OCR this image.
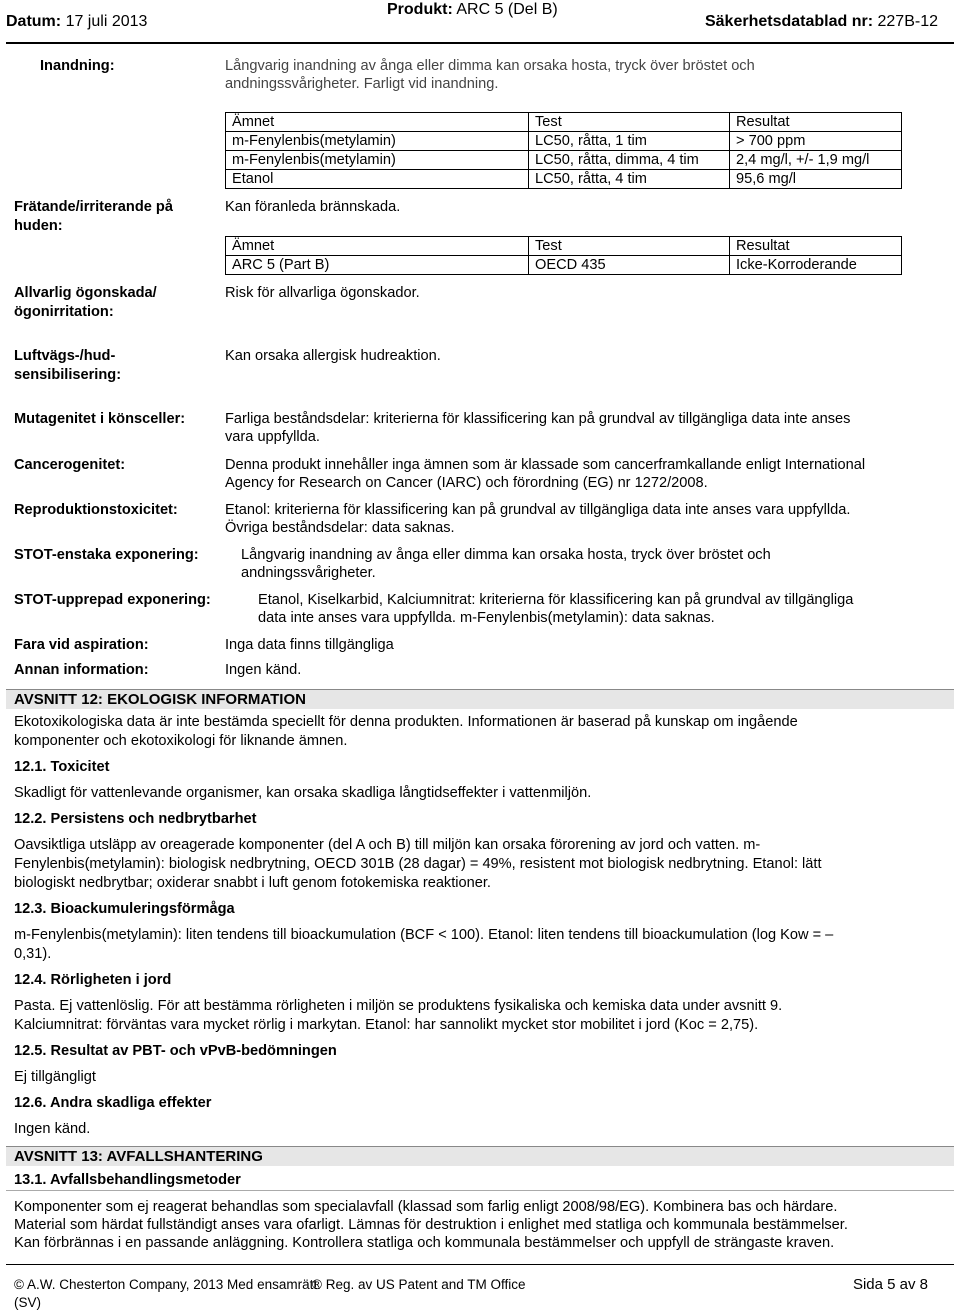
Datum: 17 juli 2013
Produkt: ARC 5 (Del B)
Säkerhetsdatablad nr: 227B-12
Inandning:	Långvarig inandning av ånga eller dimma kan orsaka hosta, tryck över bröstet och
andningssvårigheter. Farligt vid inandning.
Ämnet	Test	Resultat
m-Fenylenbis(metylamin)	LC50, råtta, 1 tim	> 700 ppm
m-Fenylenbis(metylamin)	LC50, råtta, dimma, 4 tim	2,4 mg/l, +/- 1,9 mg/l
Etanol	LC50, råtta, 4 tim	95,6 mg/l
Frätande/irriterande på
huden:
Kan föranleda brännskada.
Ämnet	Test	Resultat
ARC 5 (Part B)	OECD 435	Icke-Korroderande
Allvarlig ögonskada/
ögonirritation:
Risk för allvarliga ögonskador.
Luftvägs-/hud-
sensibilisering:
Kan orsaka allergisk hudreaktion.
Mutagenitet i könsceller:	Farliga beståndsdelar: kriterierna för klassificering kan på grundval av tillgängliga data inte anses
vara uppfyllda.
Cancerogenitet:	Denna produkt innehåller inga ämnen som är klassade som cancerframkallande enligt International
Agency for Research on Cancer (IARC) och förordning (EG) nr 1272/2008.
Reproduktionstoxicitet:	Etanol: kriterierna för klassificering kan på grundval av tillgängliga data inte anses vara uppfyllda.
Övriga beståndsdelar: data saknas.
STOT-enstaka exponering:	Långvarig inandning av ånga eller dimma kan orsaka hosta, tryck över bröstet och
andningssvårigheter.
STOT-upprepad exponering:	Etanol, Kiselkarbid, Kalciumnitrat: kriterierna för klassificering kan på grundval av tillgängliga
data inte anses vara uppfyllda. m-Fenylenbis(metylamin): data saknas.
Fara vid aspiration:	Inga data finns tillgängliga
Annan information:	Ingen känd.
AVSNITT 12: EKOLOGISK INFORMATION
Ekotoxikologiska data är inte bestämda speciellt för denna produkten. Informationen är baserad på kunskap om ingående
komponenter och ekotoxikologi för liknande ämnen.
12.1. Toxicitet
Skadligt för vattenlevande organismer, kan orsaka skadliga långtidseffekter i vattenmiljön.
12.2. Persistens och nedbrytbarhet
Oavsiktliga utsläpp av oreagerade komponenter (del A och B) till miljön kan orsaka förorening av jord och vatten. m-
Fenylenbis(metylamin): biologisk nedbrytning, OECD 301B (28 dagar) = 49%, resistent mot biologisk nedbrytning. Etanol: lätt
biologiskt nedbrytbar; oxiderar snabbt i luft genom fotokemiska reaktioner.
12.3. Bioackumuleringsförmåga
m-Fenylenbis(metylamin): liten tendens till bioackumulation (BCF < 100). Etanol: liten tendens till bioackumulation (log Kow = –
0,31).
12.4. Rörligheten i jord
Pasta. Ej vattenlöslig. För att bestämma rörligheten i miljön se produktens fysikaliska och kemiska data under avsnitt 9.
Kalciumnitrat: förväntas vara mycket rörlig i markytan. Etanol: har sannolikt mycket stor mobilitet i jord (Koc = 2,75).
12.5. Resultat av PBT- och vPvB-bedömningen
Ej tillgängligt
12.6. Andra skadliga effekter
Ingen känd.
AVSNITT 13: AVFALLSHANTERING
13.1. Avfallsbehandlingsmetoder
Komponenter som ej reagerat behandlas som specialavfall (klassad som farlig enligt 2008/98/EG). Kombinera bas och härdare.
Material som härdat fullständigt anses vara ofarligt. Lämnas för destruktion i enlighet med statliga och kommunala bestämmelser.
Kan förbrännas i en passande anläggning. Kontrollera statliga och kommunala bestämmelser och uppfyll de strängaste kraven.
© A.W. Chesterton Company, 2013 Med ensamrätt.
® Reg. av US Patent and TM Office
(SV)
Sida 5 av 8
